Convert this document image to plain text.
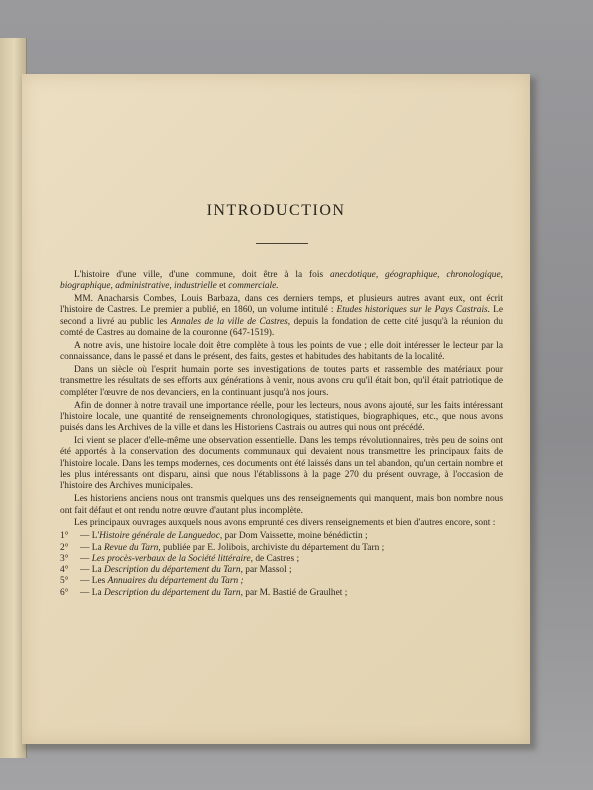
INTRODUCTION

L'histoire d'une ville, d'une commune, doit être à la fois anecdotique, géographique, chronologique, biographique, administrative, industrielle et commerciale.

MM. Anacharsis Combes, Louis Barbaza, dans ces derniers temps, et plusieurs autres avant eux, ont écrit l'histoire de Castres. Le premier a publié, en 1860, un volume intitulé : Etudes historiques sur le Pays Castrais. Le second a livré au public les Annales de la ville de Castres, depuis la fondation de cette cité jusqu'à la réunion du comté de Castres au domaine de la couronne (647-1519).

A notre avis, une histoire locale doit être complète à tous les points de vue ; elle doit intéresser le lecteur par la connaissance, dans le passé et dans le présent, des faits, gestes et habitudes des habitants de la localité.

Dans un siècle où l'esprit humain porte ses investigations de toutes parts et rassemble des matériaux pour transmettre les résultats de ses efforts aux générations à venir, nous avons cru qu'il était bon, qu'il était patriotique de compléter l'œuvre de nos devanciers, en la continuant jusqu'à nos jours.

Afin de donner à notre travail une importance réelle, pour les lecteurs, nous avons ajouté, sur les faits intéressant l'histoire locale, une quantité de renseignements chronologiques, statistiques, biographiques, etc., que nous avons puisés dans les Archives de la ville et dans les Historiens Castrais ou autres qui nous ont précédé.

Ici vient se placer d'elle-même une observation essentielle. Dans les temps révolutionnaires, très peu de soins ont été apportés à la conservation des documents communaux qui devaient nous transmettre les principaux faits de l'histoire locale. Dans les temps modernes, ces documents ont été laissés dans un tel abandon, qu'un certain nombre et les plus intéressants ont disparu, ainsi que nous l'établissons à la page 270 du présent ouvrage, à l'occasion de l'histoire des Archives municipales.

Les historiens anciens nous ont transmis quelques uns des renseignements qui manquent, mais bon nombre nous ont fait défaut et ont rendu notre œuvre d'autant plus incomplète.

Les principaux ouvrages auxquels nous avons emprunté ces divers renseignements et bien d'autres encore, sont :

1°	— L'Histoire générale de Languedoc, par Dom Vaissette, moine bénédictin ;
2°	— La Revue du Tarn, publiée par E. Jolibois, archiviste du département du Tarn ;
3°	— Les procès-verbaux de la Société littéraire, de Castres ;
4°	— La Description du département du Tarn, par Massol ;
5°	— Les Annuaires du département du Tarn ;
6°	— La Description du département du Tarn, par M. Bastié de Graulhet ;
